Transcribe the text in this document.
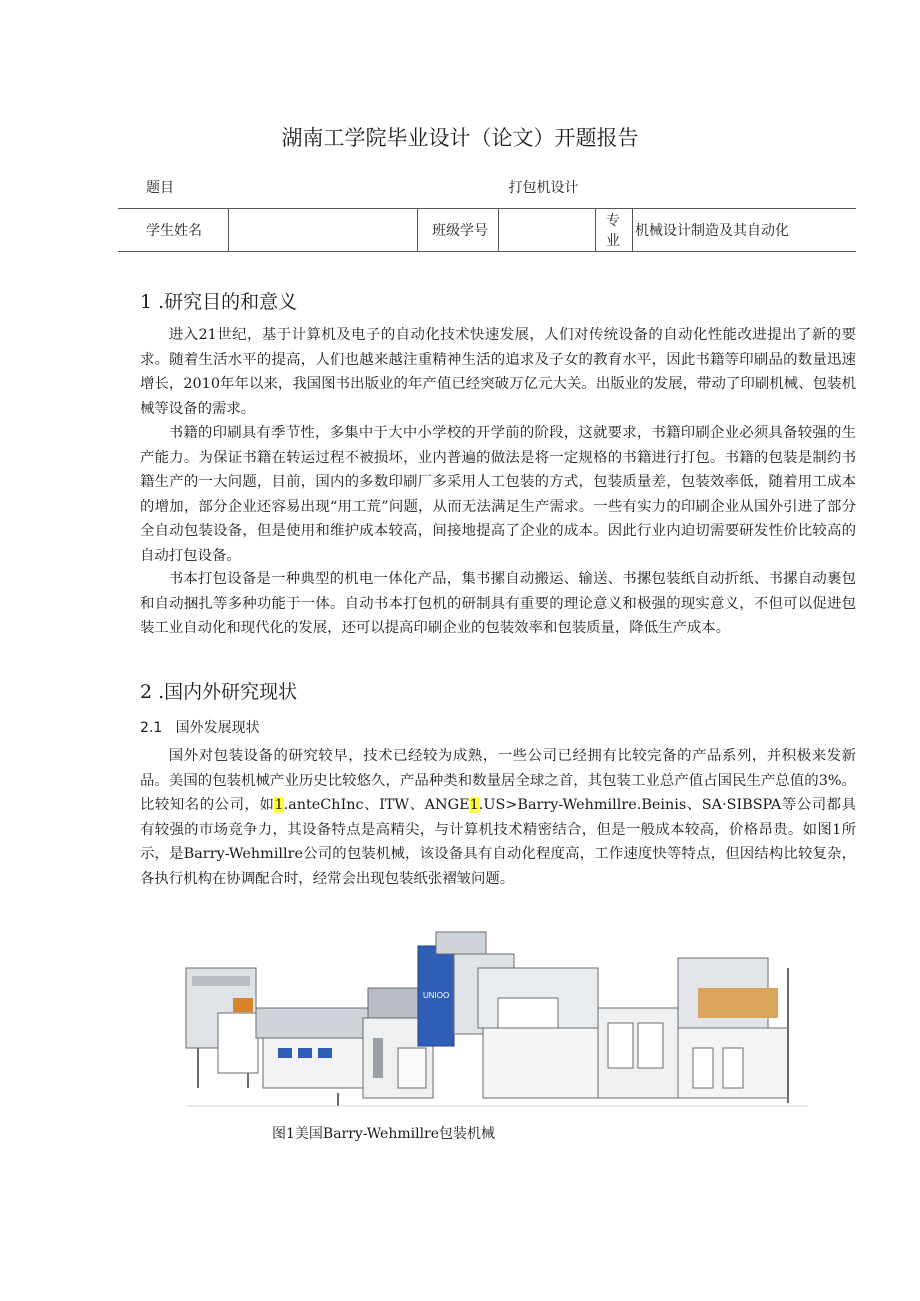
湖南工学院毕业设计（论文）开题报告
题目	打包机设计				
学生姓名		班级学号		专业	机械设计制造及其自动化
1 .研究目的和意义

进入21世纪，基于计算机及电子的自动化技术快速发展，人们对传统设备的自动化性能改进提出了新的要求。随着生活水平的提高，人们也越来越注重精神生活的追求及子女的教育水平，因此书籍等印刷品的数量迅速增长，2010年年以来，我国图书出版业的年产值已经突破万亿元大关。出版业的发展，带动了印刷机械、包装机械等设备的需求。

书籍的印刷具有季节性，多集中于大中小学校的开学前的阶段，这就要求，书籍印刷企业必须具备较强的生产能力。为保证书籍在转运过程不被损坏，业内普遍的做法是将一定规格的书籍进行打包。书籍的包装是制约书籍生产的一大问题，目前，国内的多数印刷厂多采用人工包装的方式，包装质量差，包装效率低，随着用工成本的增加，部分企业还容易出现“用工荒”问题，从而无法满足生产需求。一些有实力的印刷企业从国外引进了部分全自动包装设备，但是使用和维护成本较高，间接地提高了企业的成本。因此行业内迫切需要研发性价比较高的自动打包设备。

书本打包设备是一种典型的机电一体化产品，集书摞自动搬运、输送、书摞包装纸自动折纸、书摞自动裹包和自动捆扎等多种功能于一体。自动书本打包机的研制具有重要的理论意义和极强的现实意义，不但可以促进包装工业自动化和现代化的发展，还可以提高印刷企业的包装效率和包装质量，降低生产成本。

2 .国内外研究现状
2.1   国外发展现状

国外对包装设备的研究较早，技术已经较为成熟，一些公司已经拥有比较完备的产品系列，并积极来发新品。美国的包装机械产业历史比较悠久，产品种类和数量居全球之首，其包装工业总产值占国民生产总值的3%。比较知名的公司，如1.anteChInc、ITW、ANGE1.US>Barry-Wehmillre.Beinis、SA·SIBSPA等公司都具有较强的市场竞争力，其设备特点是高精尖，与计算机技术精密结合，但是一般成本较高，价格昂贵。如图1所示，是Barry-Wehmillre公司的包装机械，该设备具有自动化程度高，工作速度快等特点，但因结构比较复杂，各执行机构在协调配合时，经常会出现包装纸张褶皱问题。

UNIOO
图1美国Barry-Wehmillre包装机械
